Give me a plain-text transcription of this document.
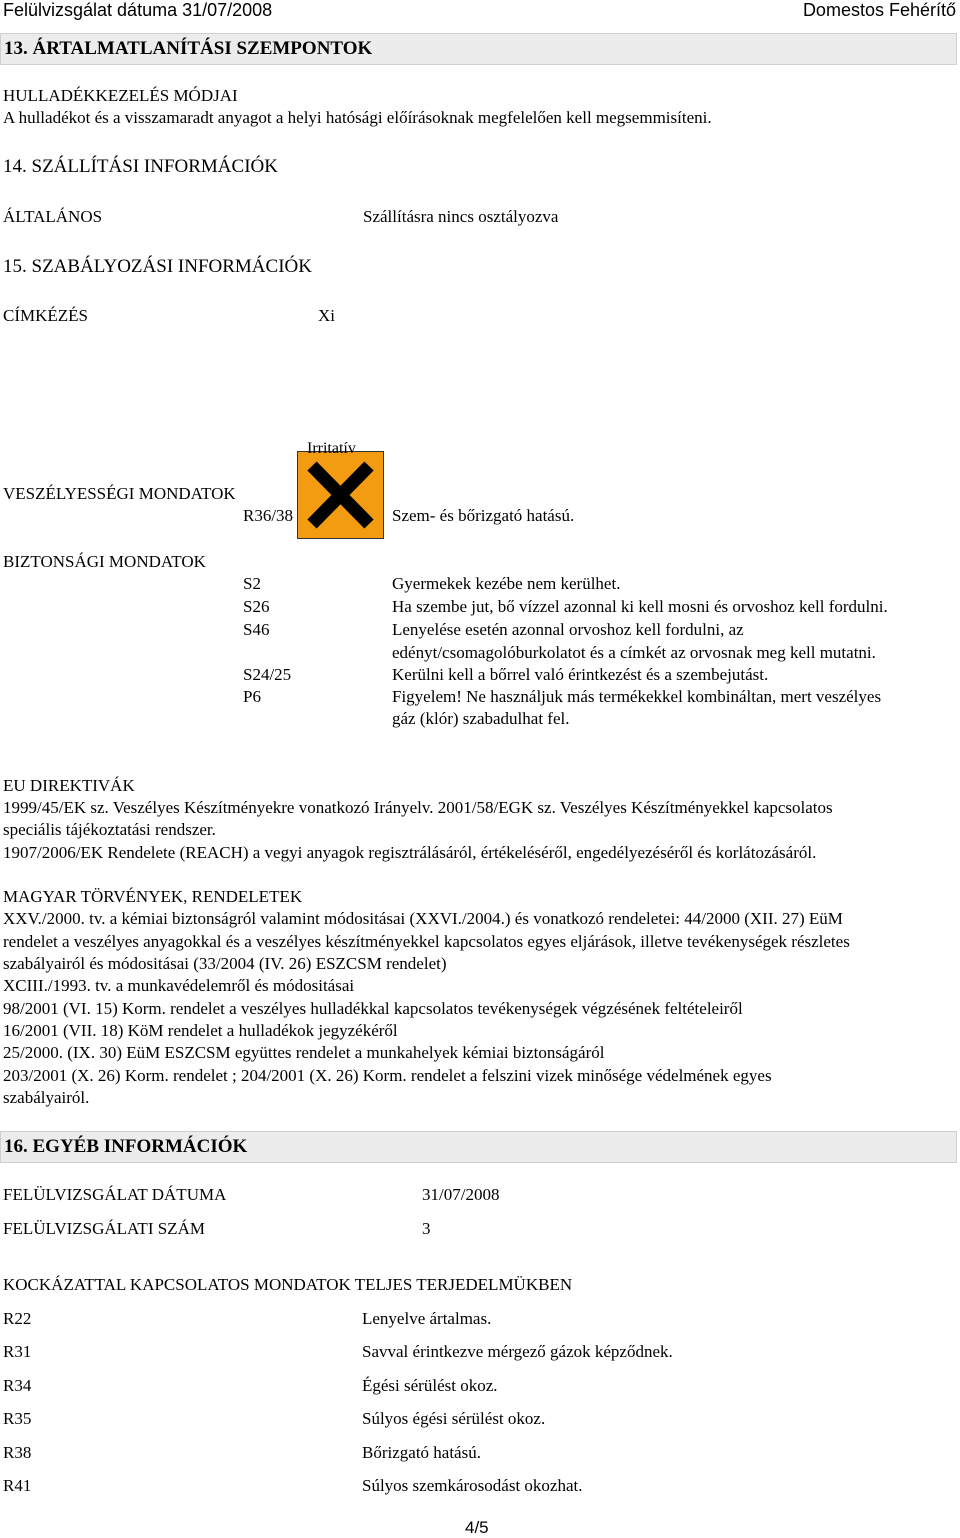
Felülvizsgálat dátuma 31/07/2008	Domestos Fehérítő
13. ÁRTALMATLANÍTÁSI SZEMPONTOK
HULLADÉKKEZELÉS MÓDJAI
A hulladékot és a visszamaradt anyagot a helyi hatósági előírásoknak megfelelően kell megsemmisíteni.
14. SZÁLLÍTÁSI INFORMÁCIÓK
ÁLTALÁNOS	Szállításra nincs osztályozva
15. SZABÁLYOZÁSI INFORMÁCIÓK
CÍMKÉZÉS	Xi
Irritatív
VESZÉLYESSÉGI MONDATOK
R36/38	Szem- és bőrizgató hatású.
BIZTONSÁGI MONDATOK
S2	Gyermekek kezébe nem kerülhet.
S26	Ha szembe jut, bő vízzel azonnal ki kell mosni és orvoshoz kell fordulni.
S46	Lenyelése esetén azonnal orvoshoz kell fordulni, az
edényt/csomagolóburkolatot és a címkét az orvosnak meg kell mutatni.
S24/25	Kerülni kell a bőrrel való érintkezést és a szembejutást.
P6	Figyelem! Ne használjuk más termékekkel kombináltan, mert veszélyes
gáz (klór) szabadulhat fel.
EU DIREKTIVÁK
1999/45/EK sz. Veszélyes Készítményekre vonatkozó Irányelv. 2001/58/EGK sz. Veszélyes Készítményekkel kapcsolatos
speciális tájékoztatási rendszer.
1907/2006/EK Rendelete (REACH) a vegyi anyagok regisztrálásáról, értékeléséről, engedélyezéséről és korlátozásáról.
MAGYAR TÖRVÉNYEK, RENDELETEK
XXV./2000. tv. a kémiai biztonságról valamint módositásai (XXVI./2004.) és vonatkozó rendeletei: 44/2000 (XII. 27) EüM
rendelet a veszélyes anyagokkal és a veszélyes készítményekkel kapcsolatos egyes eljárások, illetve tevékenységek részletes
szabályairól és módositásai (33/2004 (IV. 26) ESZCSM rendelet)
XCIII./1993. tv. a munkavédelemről és módositásai
98/2001 (VI. 15) Korm. rendelet a veszélyes hulladékkal kapcsolatos tevékenységek végzésének feltételeiről
16/2001 (VII. 18) KöM rendelet a hulladékok jegyzékéről
25/2000. (IX. 30) EüM ESZCSM együttes rendelet a munkahelyek kémiai biztonságáról
203/2001 (X. 26) Korm. rendelet ; 204/2001 (X. 26) Korm. rendelet a felszini vizek minősége védelmének egyes
szabályairól.
16. EGYÉB INFORMÁCIÓK
FELÜLVIZSGÁLAT DÁTUMA	31/07/2008
FELÜLVIZSGÁLATI SZÁM	3
KOCKÁZATTAL KAPCSOLATOS MONDATOK TELJES TERJEDELMÜKBEN
R22	Lenyelve ártalmas.
R31	Savval érintkezve mérgező gázok képződnek.
R34	Égési sérülést okoz.
R35	Súlyos égési sérülést okoz.
R38	Bőrizgató hatású.
R41	Súlyos szemkárosodást okozhat.
4/5
